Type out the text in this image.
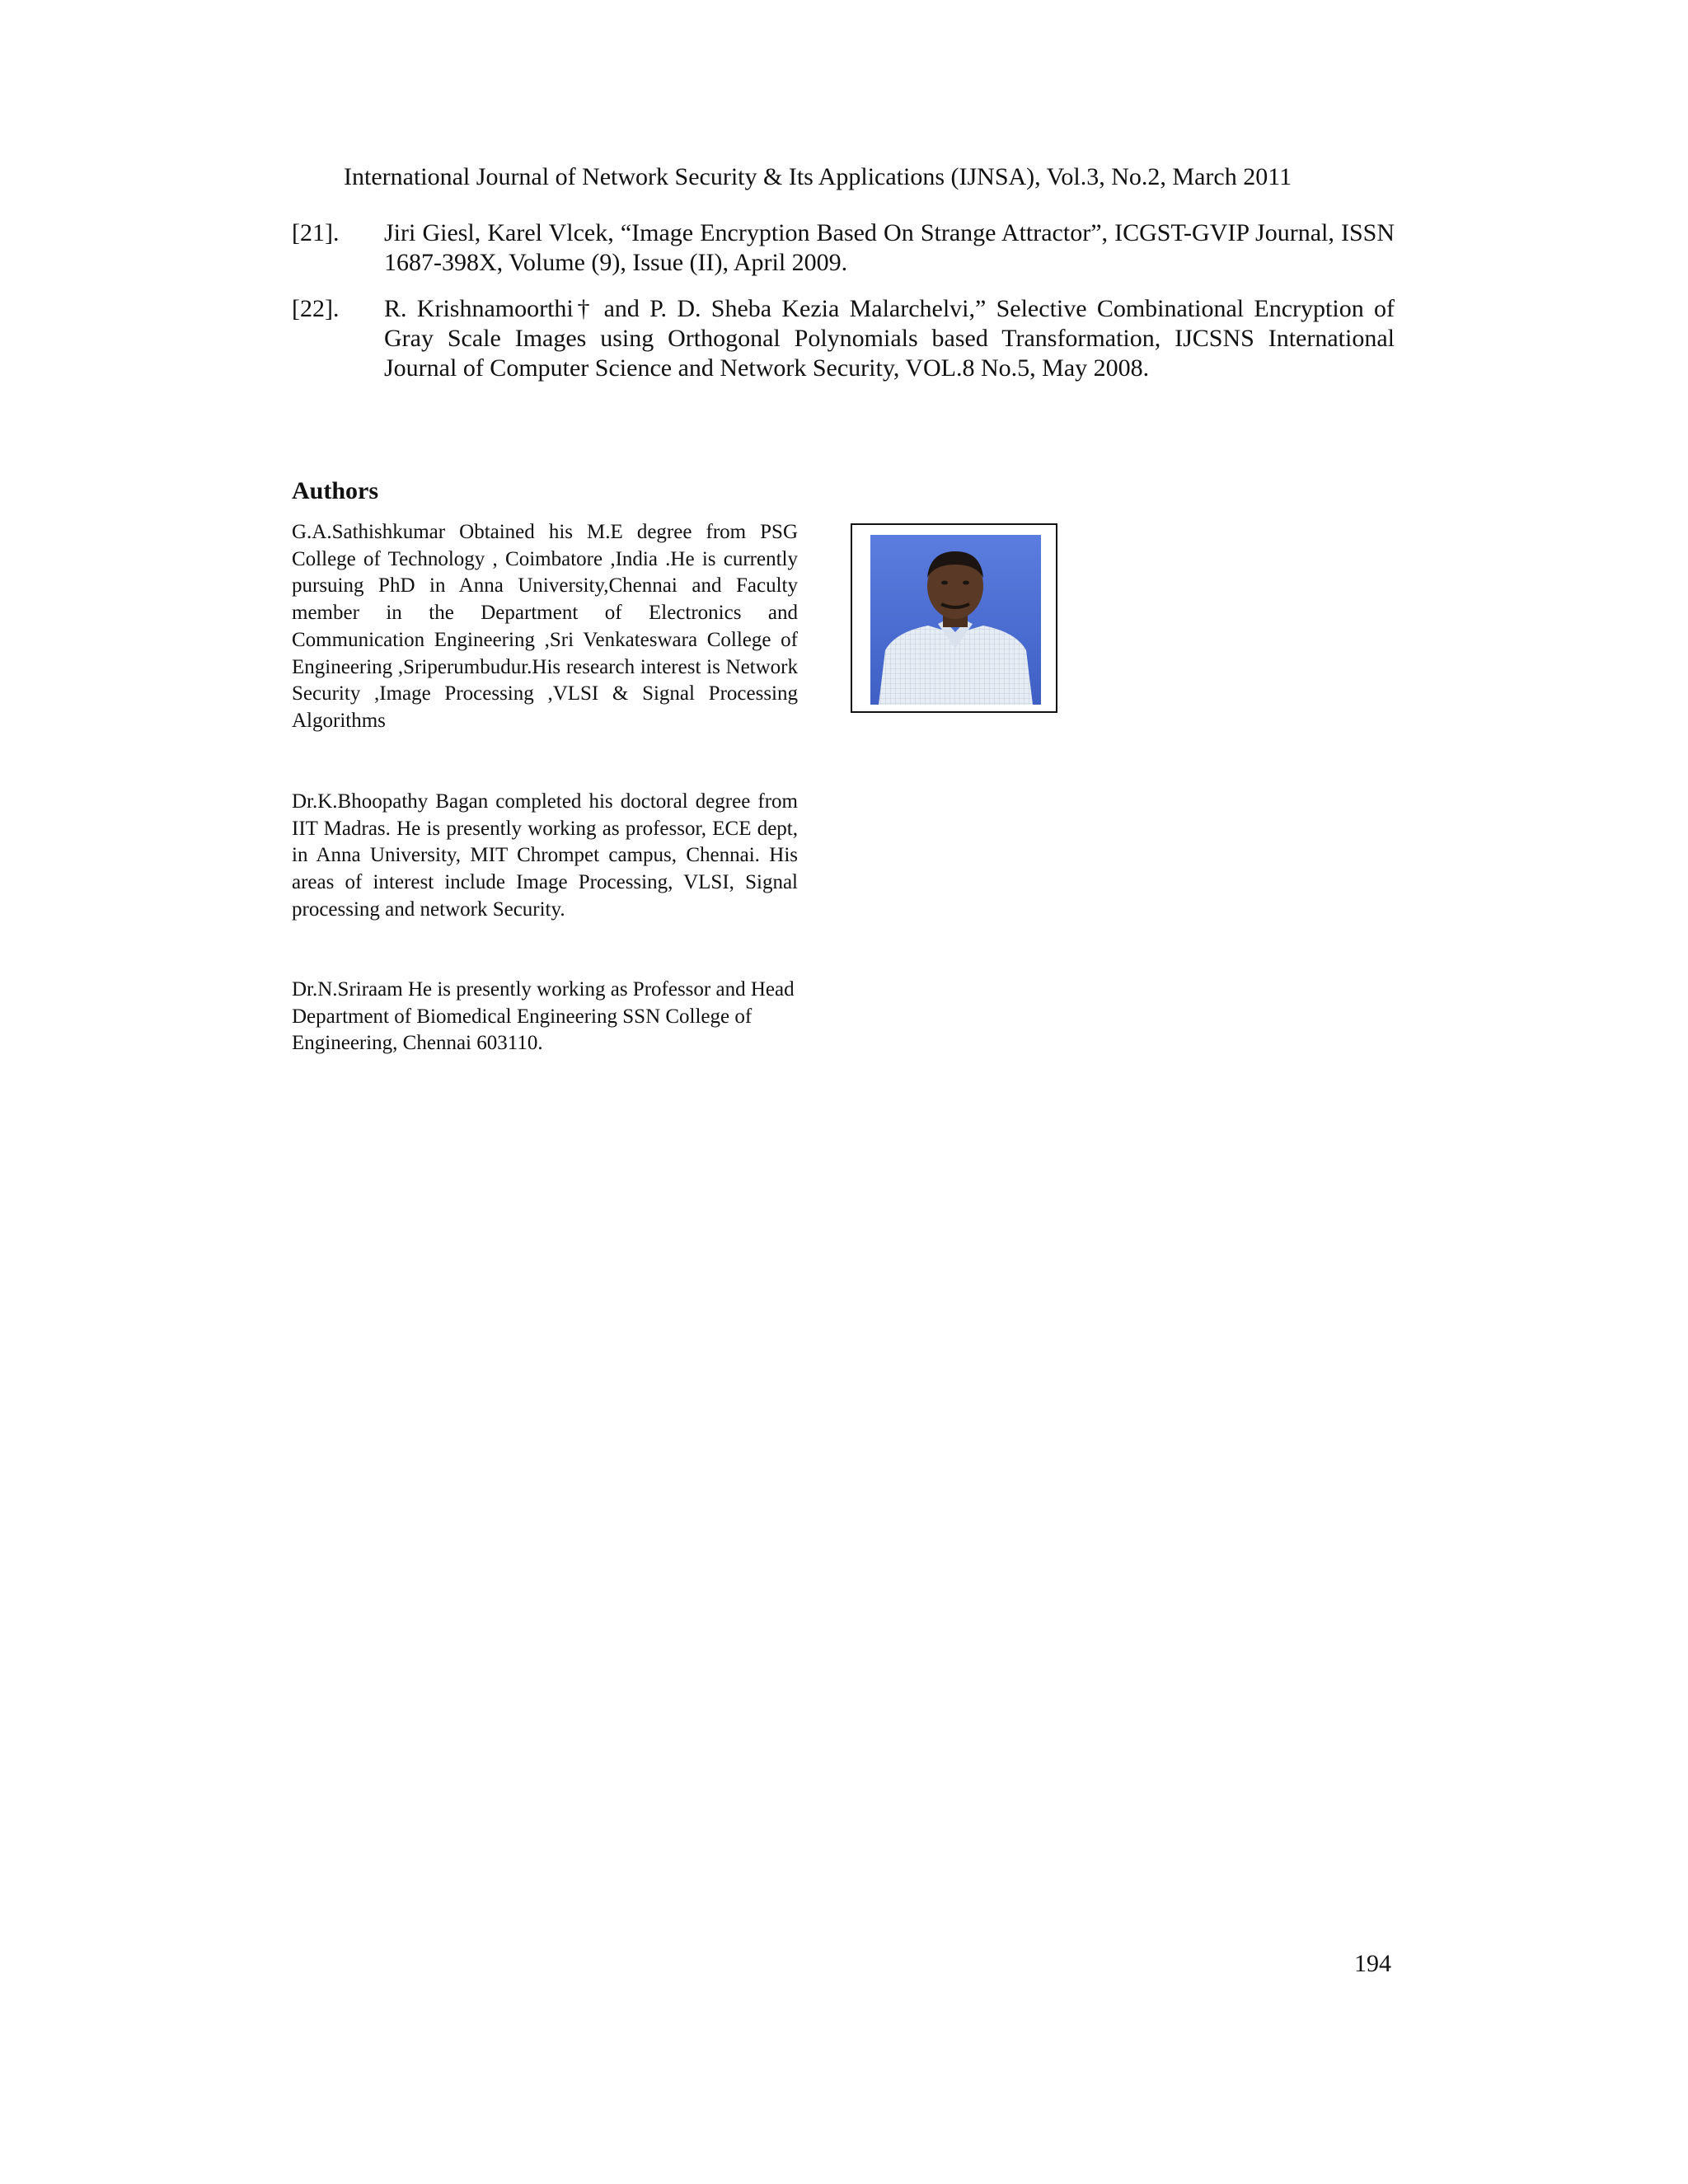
International Journal of Network Security & Its Applications (IJNSA), Vol.3, No.2, March 2011
[21].	Jiri Giesl, Karel Vlcek, “Image Encryption Based On Strange Attractor”, ICGST-GVIP Journal, ISSN 1687-398X, Volume (9), Issue (II), April 2009.
[22].	R. Krishnamoorthi† and P. D. Sheba Kezia Malarchelvi,” Selective Combinational Encryption of Gray Scale Images using Orthogonal Polynomials based Transformation, IJCSNS International Journal of Computer Science and Network Security, VOL.8 No.5, May 2008.
Authors
G.A.Sathishkumar Obtained his M.E degree from PSG College of Technology , Coimbatore ,India .He is currently pursuing PhD in Anna University,Chennai and Faculty member in the Department of Electronics and Communication Engineering ,Sri Venkateswara College of Engineering ,Sriperumbudur.His research interest is Network Security ,Image Processing ,VLSI & Signal Processing Algorithms
Dr.K.Bhoopathy Bagan completed his doctoral degree from IIT Madras. He is presently working as professor, ECE dept, in Anna University, MIT Chrompet campus, Chennai. His areas of interest include Image Processing, VLSI, Signal processing and network Security.
Dr.N.Sriraam He is presently working as Professor and Head Department of Biomedical Engineering SSN College of Engineering, Chennai 603110.
194
